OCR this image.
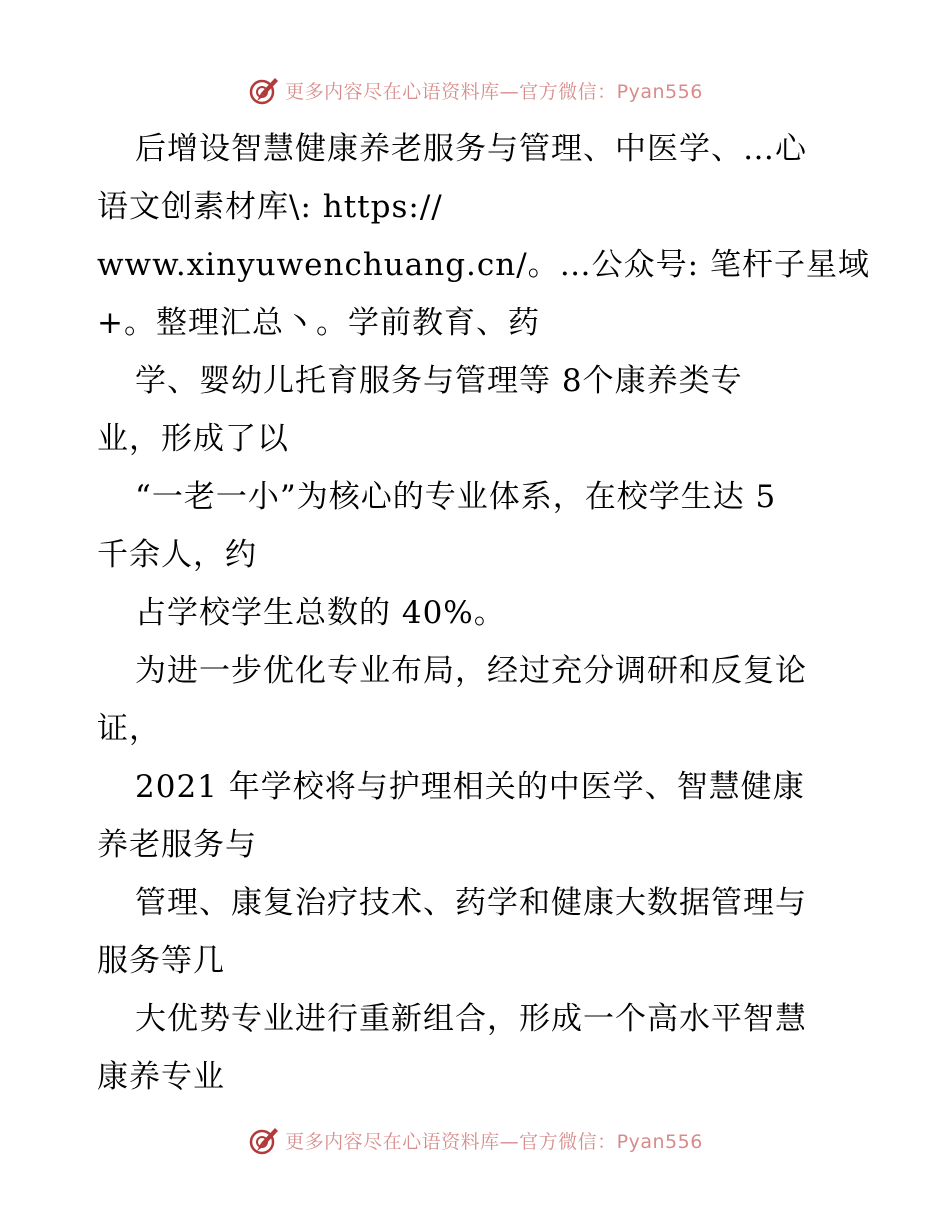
更多内容尽在心语资料库—官方微信：Pyan556
后增设智慧健康养老服务与管理、中医学、…心
语文创素材库\: https://
www.xinyuwenchuang.cn/。…公众号: 笔杆子星域
+。整理汇总丶。学前教育、药
学、婴幼儿托育服务与管理等 8个康养类专
业，形成了以
“一老一小”为核心的专业体系，在校学生达 5
千余人，约
占学校学生总数的 40%。
为进一步优化专业布局，经过充分调研和反复论
证，
2021 年学校将与护理相关的中医学、智慧健康
养老服务与
管理、康复治疗技术、药学和健康大数据管理与
服务等几
大优势专业进行重新组合，形成一个高水平智慧
康养专业
更多内容尽在心语资料库—官方微信：Pyan556
